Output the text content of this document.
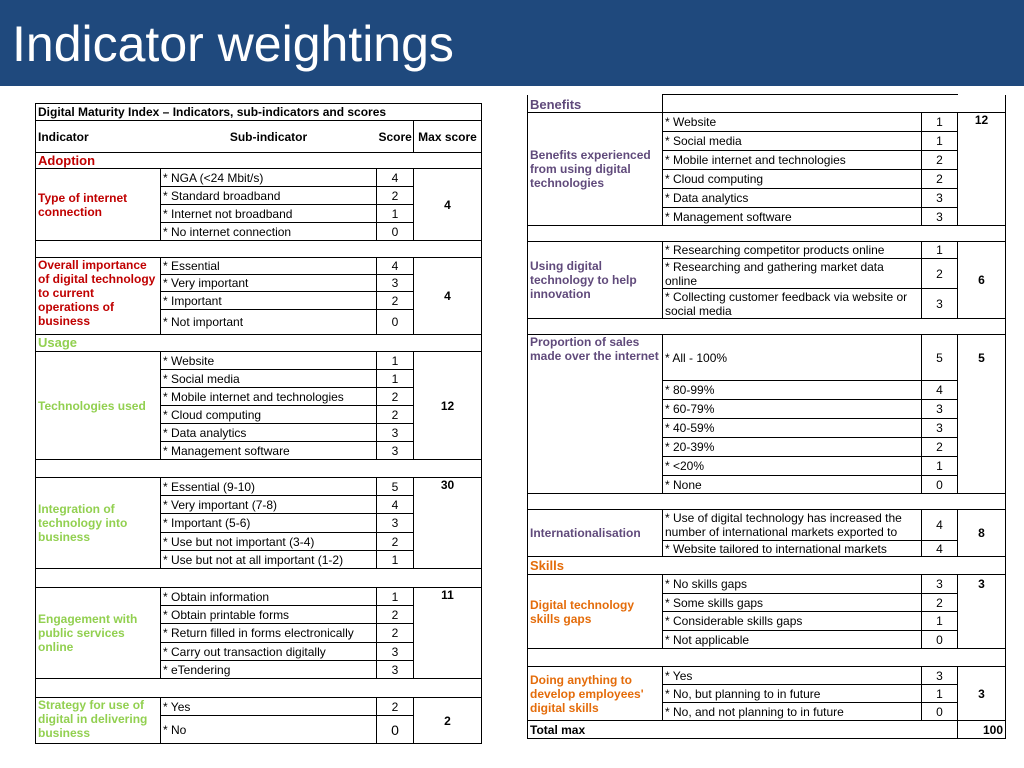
Indicator weightings
Digital Maturity Index – Indicators, sub-indicators and scores			
Indicator	Sub-indicator	Score	Max score
Adoption			
Type of internet connection	* NGA (<24 Mbit/s)	4	4
	* Standard broadband	2	
	* Internet not broadband	1	
	* No internet connection	0	

Overall importance of digital technology to current operations of business	* Essential	4	4
	* Very important	3	
	* Important	2	
	* Not important	0	
Usage			
Technologies used	* Website	1	12
	* Social media	1	
	* Mobile internet and technologies	2	
	* Cloud computing	2	
	* Data analytics	3	
	* Management software	3	

Integration of technology into business	* Essential (9-10)	5	30
	* Very important (7-8)	4	
	* Important (5-6)	3	
	* Use but not important (3-4)	2	
	* Use but not at all important (1-2)	1	

Engagement with public services online	* Obtain information	1	11
	* Obtain printable forms	2	
	* Return filled in forms electronically	2	
	* Carry out transaction digitally	3	
	* eTendering	3	

Strategy for use of digital in delivering business	* Yes	2	2
	* No	0	
Benefits			
Benefits experienced from using digital technologies	* Website	1	12
	* Social media	1	
	* Mobile internet and technologies	2	
	* Cloud computing	2	
	* Data analytics	3	
	* Management software	3	

Using digital technology to help innovation	* Researching competitor products online	1	6
	* Researching and gathering market data online	2	
	* Collecting customer feedback via website or social media	3	

Proportion of sales made over the internet	* All - 100%	5	5
	* 80-99%	4	
	* 60-79%	3	
	* 40-59%	3	
	* 20-39%	2	
	* <20%	1	
	* None	0	

Internationalisation	* Use of digital technology has increased the number of international markets exported to	4	8
	* Website tailored to international markets	4	
Skills			
Digital technology skills gaps	* No skills gaps	3	3
	* Some skills gaps	2	
	* Considerable skills gaps	1	
	* Not applicable	0	

Doing anything to develop employees' digital skills	* Yes	3	3
	* No, but planning to in future	1	
	* No, and not planning to in future	0	
Total max			100
